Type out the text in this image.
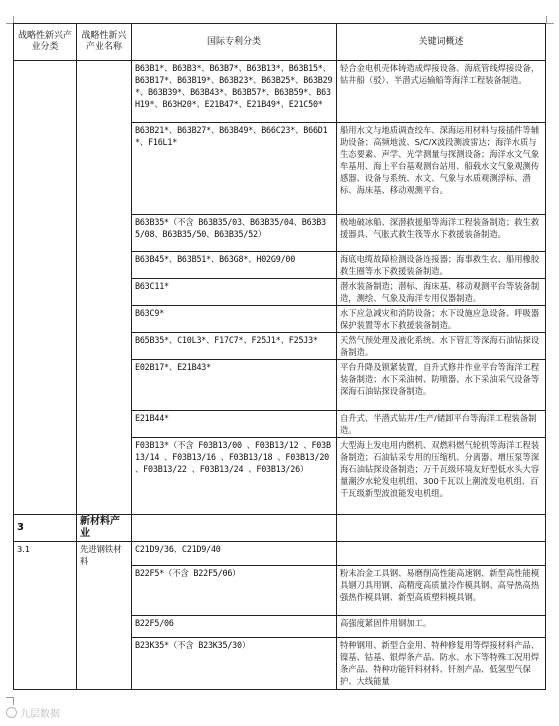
战略性新兴产业分类	战略性新兴产业名称	国际专利分类	关键词概述
		B63B1*、B63B3*、B63B7*、B63B13*、B63B15*、B63B17*、B63B19*、B63B23*、B63B25*、B63B29*、B63B39*、B63B43*、B63B57*、B63B59*、B63H19*、B63H20*、E21B47*、E21B49*、E21C50*	轻合金电机壳体铸造成焊接设备、海底管线焊接设备，钻井船（驳）、半潜式运输船等海洋工程装备制造。
		B63B21*、B63B27*、B63B49*、B66C23*、B66D1*、F16L1*	船用水文与地质调查绞车、深海运用材料与接插件等辅助设备；高频地波、S/C/X波段测波雷达；海洋水质与生态要素、声学、光学测量与探测设备；海洋水文气象牟基用、海上平台基观测台站用、船载水文气象观测传感器、设备与系统、水文、气象与水质观测浮标、潜标、海床基、移动观测平台。
		B63B35*（不含 B63B35/03、B63B35/04、B63B35/08、B63B35/50、B63B35/52）	极地破冰船、深潜救援船等海洋工程装备制造；救生救援器具、气胀式救生筏等水下救援装备制造。
		B63B45*、B63B51*、B63G8*、H02G9/00	海底电缆故障检测设备连接器；海事救生衣、船用橡胶救生圈等水下救援装备制造。
		B63C11*	潜水装备制造；潜标、海床基、移动观测平台等装备制造，测绘、气象及海洋专用仪器制造。
		B63C9*	水下应急减灾和消防设备；水下设施应急设备、呼吸器保护装置等水下救援装备制造。
		B65B35*、C10L3*、F17C7*、F25J1*、F25J3*	天然气预处理及液化系统、水下管汇等深海石油钻探设备制造。
		E02B17*、E21B43*	平台升降及锁紧装置，自升式修井作业平台等海洋工程装备制造；水下采油树、防喷器、水下采油采气设备等深海石油钻探设备制造。
		E21B44*	自升式、半潜式钻井/生产/储卸平台等海洋工程装备制造。
		F03B13*（不含 F03B13/00 、F03B13/12 、F03B13/14 、F03B13/16 、F03B13/18 、F03B13/20 、F03B13/22 、F03B13/24 、F03B13/26）	大型海上发电用内燃机、双燃料燃气轮机等海洋工程装备制造；石油钻采专用的压缩机、分离器、增压泵等深海石油钻探设备制造；万千瓦级环境友好型低水头大容量潮汐水轮发电机组、300千瓦以上潮流发电机组、百千瓦级新型波浪能发电机组。
3	新材料产业		
3.1	先进钢铁材料	C21D9/36、C21D9/40	
		B22F5*（不含 B22F5/06）	粉末冶金工具钢、易磨削高性能高速钢、新型高性能模具钢刀具用钢、高精度高质量冷作模具钢、高导热高热强热作模具钢、新型高质塑料模具钢。
		B22F5/06	高强度紧固件用钢加工。
		B23K35*（不含 B23K35/30）	特种钢用、新型合金用、特种修复用等焊接材料产品、镍基、钴基、银焊条产品、防水、水下等特殊工况用焊条产品、特种功能钎料材料、钎剂产品、低氢型气保护、大线能量
九层数据
